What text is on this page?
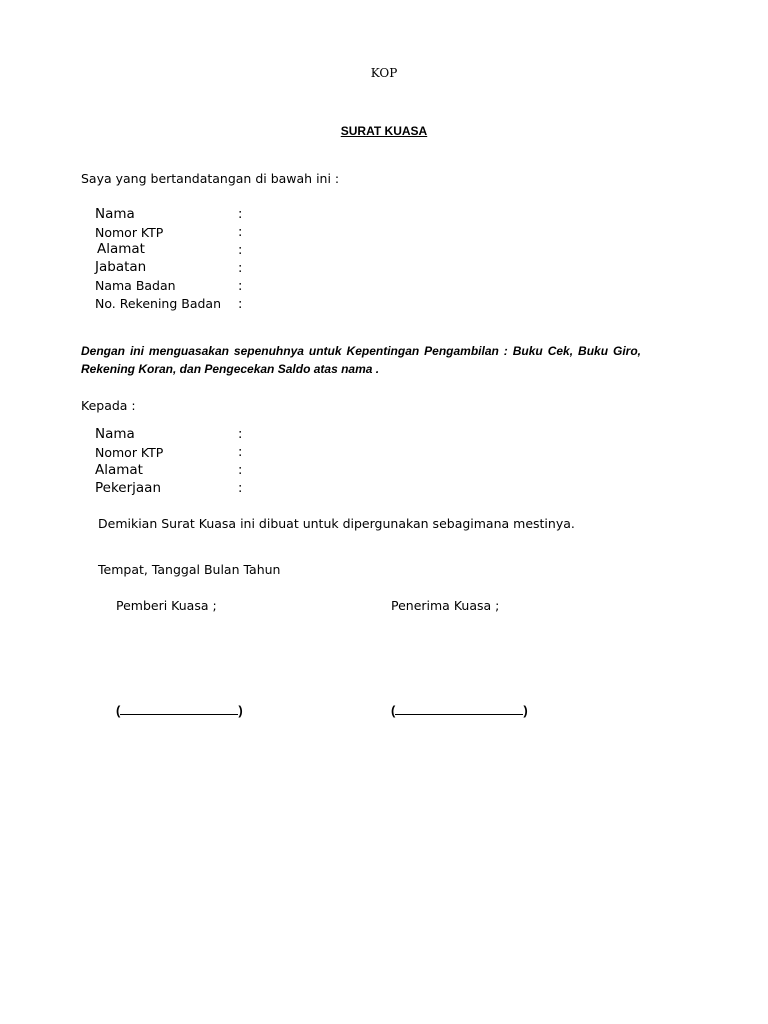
KOP
SURAT KUASA
Saya yang bertandatangan di bawah ini :
Nama	:
Nomor KTP	:
Alamat	:
Jabatan	:
Nama Badan	:
No. Rekening Badan :
Dengan ini menguasakan sepenuhnya untuk Kepentingan Pengambilan : Buku Cek, Buku Giro, Rekening Koran, dan Pengecekan Saldo atas nama .
Kepada :
Nama	:
Nomor KTP	:
Alamat	:
Pekerjaan	:
Demikian Surat Kuasa ini dibuat untuk dipergunakan sebagimana mestinya.
Tempat, Tanggal Bulan Tahun
Pemberi Kuasa ;	Penerima Kuasa ;
(	)	(	)
